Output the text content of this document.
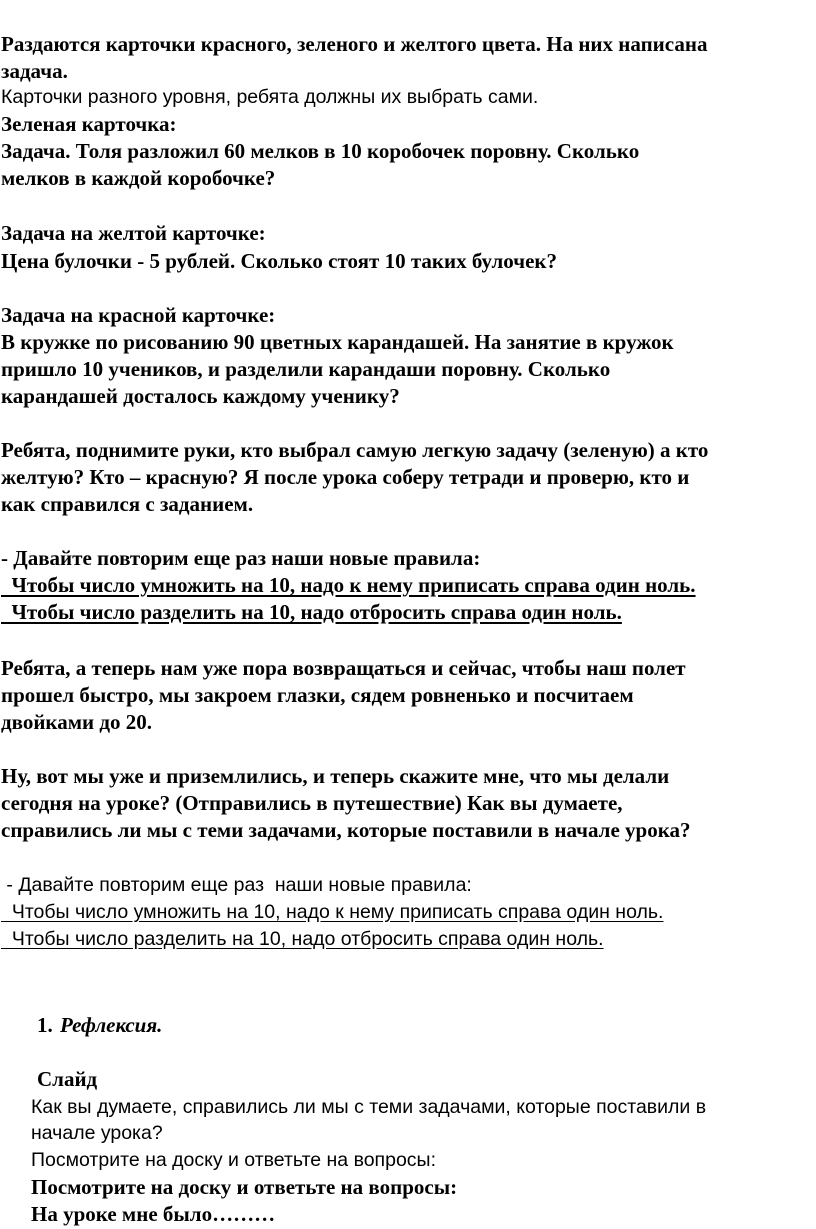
Раздаются карточки красного, зеленого и желтого цвета. На них написана
задача.
Карточки разного уровня, ребята должны их выбрать сами.
Зеленая карточка:
Задача. Толя разложил 60 мелков в 10 коробочек поровну. Сколько
мелков в каждой коробочке?
Задача на желтой карточке:
Цена булочки - 5 рублей. Сколько стоят 10 таких булочек?
Задача на красной карточке:
В кружке по рисованию 90 цветных карандашей. На занятие в кружок
пришло 10 учеников, и разделили карандаши поровну. Сколько
карандашей досталось каждому ученику?
Ребята, поднимите руки, кто выбрал самую легкую задачу (зеленую) а кто
желтую? Кто – красную? Я после урока соберу тетради и проверю, кто и
как справился с заданием.
- Давайте повторим еще раз наши новые правила:
Чтобы число умножить на 10, надо к нему приписать справа один ноль.
Чтобы число разделить на 10, надо отбросить справа один ноль.
Ребята, а теперь нам уже пора возвращаться и сейчас, чтобы наш полет
прошел быстро, мы закроем глазки, сядем ровненько и посчитаем
двойками до 20.
Ну, вот мы уже и приземлились, и теперь скажите мне, что мы делали
сегодня на уроке? (Отправились в путешествие) Как вы думаете,
справились ли мы с теми задачами, которые поставили в начале урока?
- Давайте повторим еще раз  наши новые правила:
Чтобы число умножить на 10, надо к нему приписать справа один ноль.
Чтобы число разделить на 10, надо отбросить справа один ноль.
1. Рефлексия.
Слайд
Как вы думаете, справились ли мы с теми задачами, которые поставили в
начале урока?
Посмотрите на доску и ответьте на вопросы:
Посмотрите на доску и ответьте на вопросы:
На уроке мне было………
